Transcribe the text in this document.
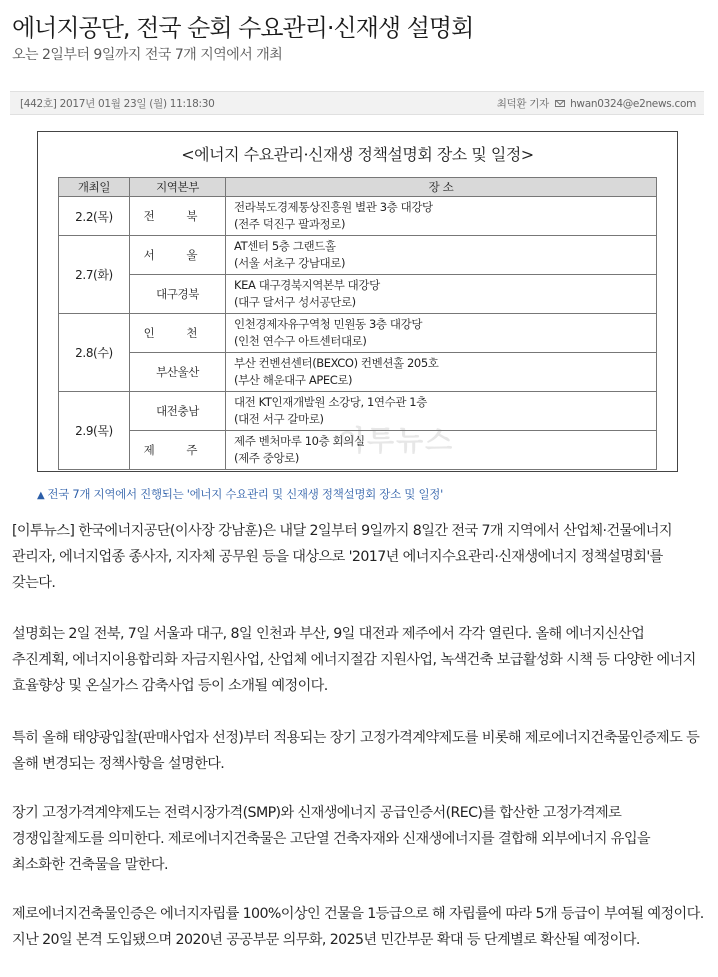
에너지공단, 전국 순회 수요관리·신재생 설명회
오는 2일부터 9일까지 전국 7개 지역에서 개최
[442호] 2017년 01월 23일 (월) 11:18:30	최덕환 기자 hwan0324@e2news.com
<에너지 수요관리·신재생 정책설명회 장소 및 일정>
개최일	지역본부	장 소
2.2(목)	전 북	전라북도경제통상진흥원 별관 3층 대강당
(전주 덕진구 팔과정로)

2.7(화)	서 울	AT센터 5층 그랜드홀
(서울 서초구 강남대로)

	대구경북	KEA 대구경북지역본부 대강당
(대구 달서구 성서공단로)

2.8(수)	인 천	인천경제자유구역청 민원동 3층 대강당
(인천 연수구 아트센터대로)

	부산울산	부산 컨벤션센터(BEXCO) 컨벤션홀 205호
(부산 해운대구 APEC로)

2.9(목)	대전충남	대전 KT인재개발원 소강당, 1연수관 1층
(대전 서구 갈마로)

	제 주	제주 벤처마루 10층 회의실
(제주 중앙로)
이투뉴스
▲ 전국 7개 지역에서 진행되는 '에너지 수요관리 및 신재생 정책설명회 장소 및 일정'

[이투뉴스] 한국에너지공단(이사장 강남훈)은 내달 2일부터 9일까지 8일간 전국 7개 지역에서 산업체·건물에너지 관리자, 에너지업종 종사자, 지자체 공무원 등을 대상으로 '2017년 에너지수요관리·신재생에너지 정책설명회'를 갖는다.

설명회는 2일 전북, 7일 서울과 대구, 8일 인천과 부산, 9일 대전과 제주에서 각각 열린다. 올해 에너지신산업 추진계획, 에너지이용합리화 자금지원사업, 산업체 에너지절감 지원사업, 녹색건축 보급활성화 시책 등 다양한 에너지 효율향상 및 온실가스 감축사업 등이 소개될 예정이다.

특히 올해 태양광입찰(판매사업자 선정)부터 적용되는 장기 고정가격계약제도를 비롯해 제로에너지건축물인증제도 등 올해 변경되는 정책사항을 설명한다.

장기 고정가격계약제도는 전력시장가격(SMP)와 신재생에너지 공급인증서(REC)를 합산한 고정가격제로 경쟁입찰제도를 의미한다. 제로에너지건축물은 고단열 건축자재와 신재생에너지를 결합해 외부에너지 유입을 최소화한 건축물을 말한다.

제로에너지건축물인증은 에너지자립률 100%이상인 건물을 1등급으로 해 자립률에 따라 5개 등급이 부여될 예정이다. 지난 20일 본격 도입됐으며 2020년 공공부문 의무화, 2025년 민간부문 확대 등 단계별로 확산될 예정이다.
